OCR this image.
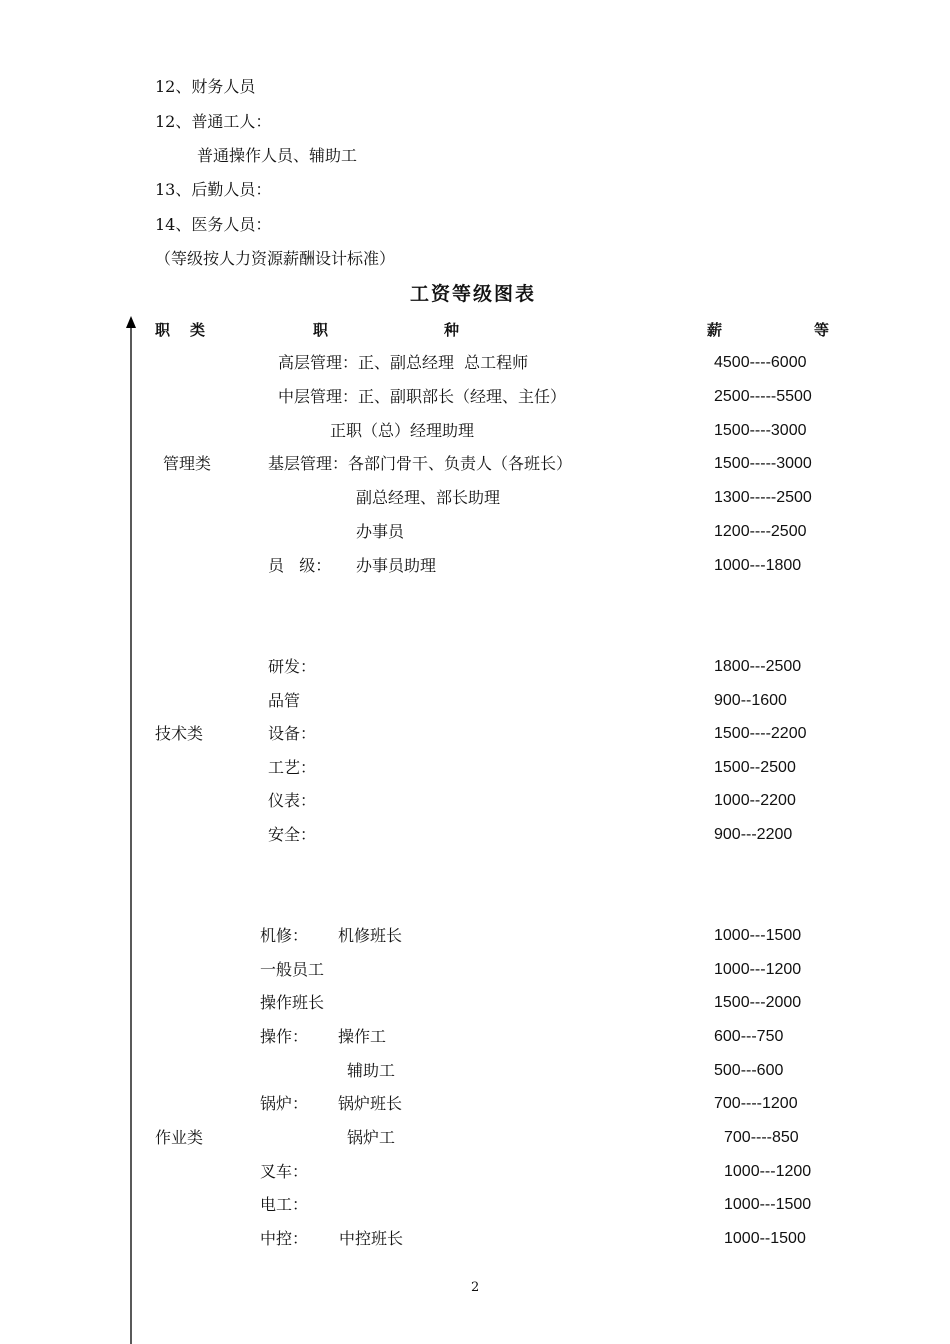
12、财务人员
12、普通工人：
普通操作人员、辅助工
13、后勤人员：
14、医务人员：
（等级按人力资源薪酬设计标准）
工资等级图表
职 类	职	种	薪	等
管理类
高层管理：正、副总经理  总工程师	4500----6000
中层管理：正、副职部长（经理、主任）	2500-----5500
正职（总）经理助理	1500----3000
基层管理：各部门骨干、负责人（各班长）	1500-----3000
副总经理、部长助理	1300-----2500
办事员	1200----2500
员   级： 办事员助理	1000---1800
技术类
研发：	1800---2500
品管	900--1600
设备：	1500----2200
工艺：	1500--2500
仪表：	1000--2200
安全：	900---2200
作业类
机修： 机修班长	1000---1500
一般员工	1000---1200
操作班长	1500---2000
操作： 操作工	600---750
辅助工	500---600
锅炉： 锅炉班长	700----1200
锅炉工	700----850
叉车：	1000---1200
电工：	1000---1500
中控： 中控班长	1000--1500
2
